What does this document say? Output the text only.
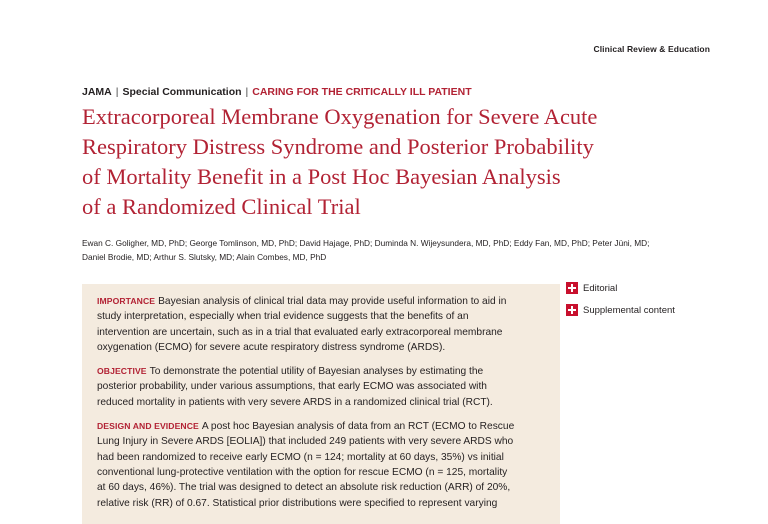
Clinical Review & Education
JAMA | Special Communication | CARING FOR THE CRITICALLY ILL PATIENT
Extracorporeal Membrane Oxygenation for Severe Acute
Respiratory Distress Syndrome and Posterior Probability
of Mortality Benefit in a Post Hoc Bayesian Analysis
of a Randomized Clinical Trial
Ewan C. Goligher, MD, PhD; George Tomlinson, MD, PhD; David Hajage, PhD; Duminda N. Wijeysundera, MD, PhD; Eddy Fan, MD, PhD; Peter Jüni, MD;
Daniel Brodie, MD; Arthur S. Slutsky, MD; Alain Combes, MD, PhD
Editorial
Supplemental content

IMPORTANCE Bayesian analysis of clinical trial data may provide useful information to aid in
study interpretation, especially when trial evidence suggests that the benefits of an
intervention are uncertain, such as in a trial that evaluated early extracorporeal membrane
oxygenation (ECMO) for severe acute respiratory distress syndrome (ARDS).

OBJECTIVE To demonstrate the potential utility of Bayesian analyses by estimating the
posterior probability, under various assumptions, that early ECMO was associated with
reduced mortality in patients with very severe ARDS in a randomized clinical trial (RCT).

DESIGN AND EVIDENCE A post hoc Bayesian analysis of data from an RCT (ECMO to Rescue
Lung Injury in Severe ARDS [EOLIA]) that included 249 patients with very severe ARDS who
had been randomized to receive early ECMO (n = 124; mortality at 60 days, 35%) vs initial
conventional lung-protective ventilation with the option for rescue ECMO (n = 125, mortality
at 60 days, 46%). The trial was designed to detect an absolute risk reduction (ARR) of 20%,
relative risk (RR) of 0.67. Statistical prior distributions were specified to represent varying
